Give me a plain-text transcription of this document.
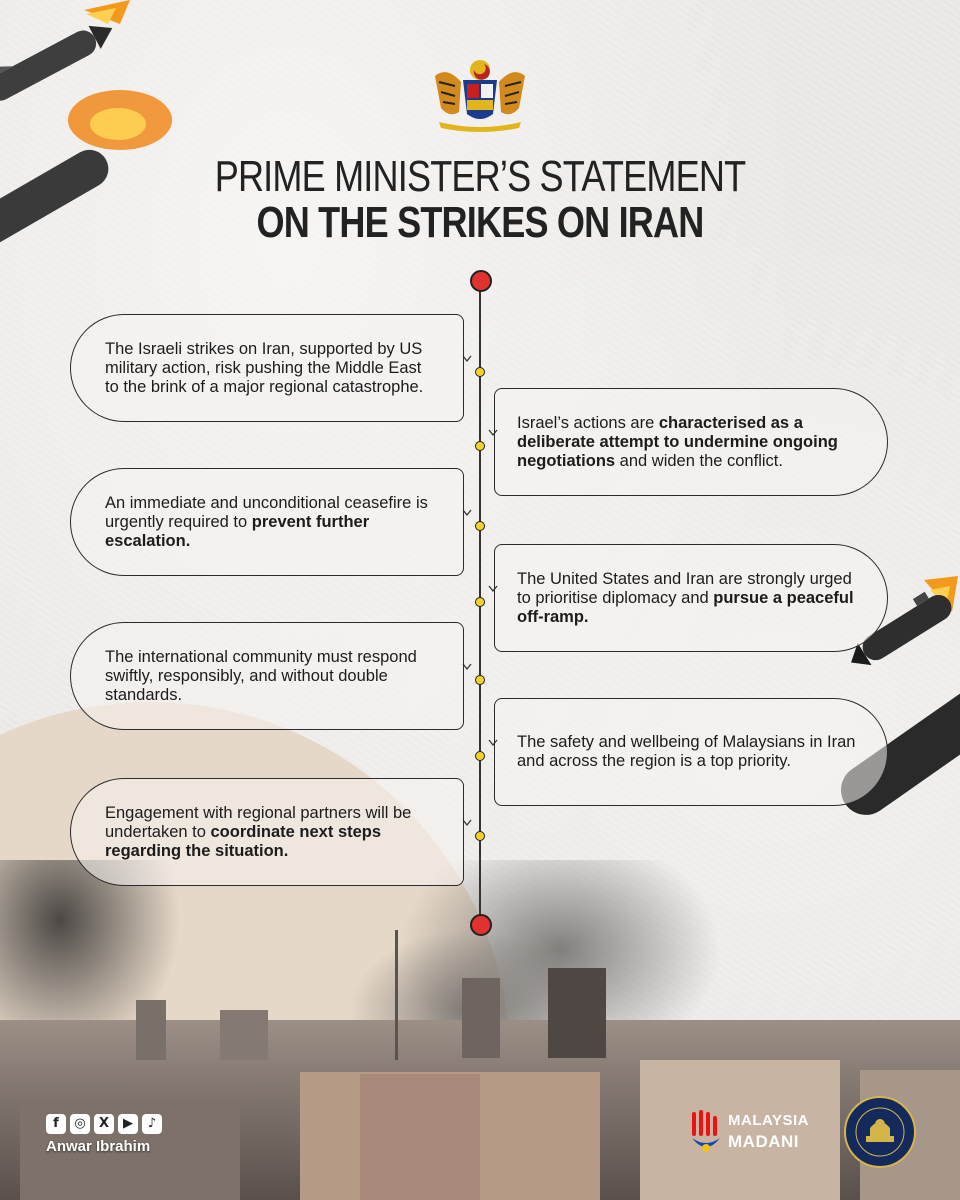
PRIME MINISTER’S STATEMENT
ON THE STRIKES ON IRAN

The Israeli strikes on Iran, supported by US military action, risk pushing the Middle East to the brink of a major regional catastrophe.

Israel’s actions are characterised as a deliberate attempt to undermine ongoing negotiations and widen the conflict.

An immediate and unconditional ceasefire is urgently required to prevent further escalation.

The United States and Iran are strongly urged to prioritise diplomacy and pursue a peaceful off-ramp.

The international community must respond swiftly, responsibly, and without double standards.

The safety and wellbeing of Malaysians in Iran and across the region is a top priority.

Engagement with regional partners will be undertaken to coordinate next steps regarding the situation.

f	◎	X	▶	♪
Anwar Ibrahim
MALAYSIA
MADANI
